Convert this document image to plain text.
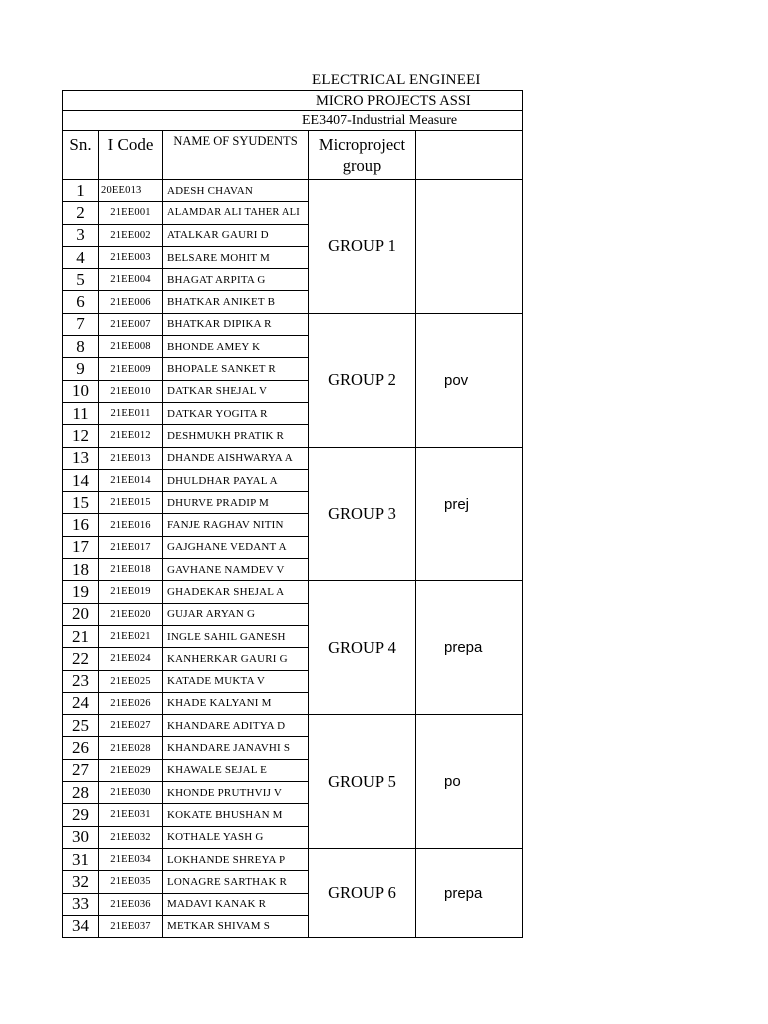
ELECTRICAL ENGINEEI
MICRO PROJECTS ASSI				
EE3407-Industrial Measure				
Sn.	I Code	NAME OF SYUDENTS	Microproject group	
1	20EE013	ADESH CHAVAN	GROUP 1	
2	21EE001	ALAMDAR ALI TAHER ALI		
3	21EE002	ATALKAR GAURI D		
4	21EE003	BELSARE MOHIT M		
5	21EE004	BHAGAT ARPITA G		
6	21EE006	BHATKAR ANIKET B		
7	21EE007	BHATKAR DIPIKA R	GROUP 2	pov
8	21EE008	BHONDE AMEY K		
9	21EE009	BHOPALE SANKET R		
10	21EE010	DATKAR SHEJAL V		
11	21EE011	DATKAR YOGITA R		
12	21EE012	DESHMUKH PRATIK R		
13	21EE013	DHANDE AISHWARYA A	GROUP 3	prej
14	21EE014	DHULDHAR PAYAL A		
15	21EE015	DHURVE PRADIP M		
16	21EE016	FANJE RAGHAV NITIN		
17	21EE017	GAJGHANE VEDANT A		
18	21EE018	GAVHANE NAMDEV V		
19	21EE019	GHADEKAR SHEJAL A	GROUP 4	prepa
20	21EE020	GUJAR ARYAN G		
21	21EE021	INGLE SAHIL GANESH		
22	21EE024	KANHERKAR GAURI G		
23	21EE025	KATADE MUKTA V		
24	21EE026	KHADE KALYANI M		
25	21EE027	KHANDARE ADITYA D	GROUP 5	po
26	21EE028	KHANDARE JANAVHI S		
27	21EE029	KHAWALE SEJAL E		
28	21EE030	KHONDE PRUTHVIJ V		
29	21EE031	KOKATE BHUSHAN M		
30	21EE032	KOTHALE YASH G		
31	21EE034	LOKHANDE SHREYA P	GROUP 6	prepa
32	21EE035	LONAGRE SARTHAK R		
33	21EE036	MADAVI KANAK R		
34	21EE037	METKAR SHIVAM S		
